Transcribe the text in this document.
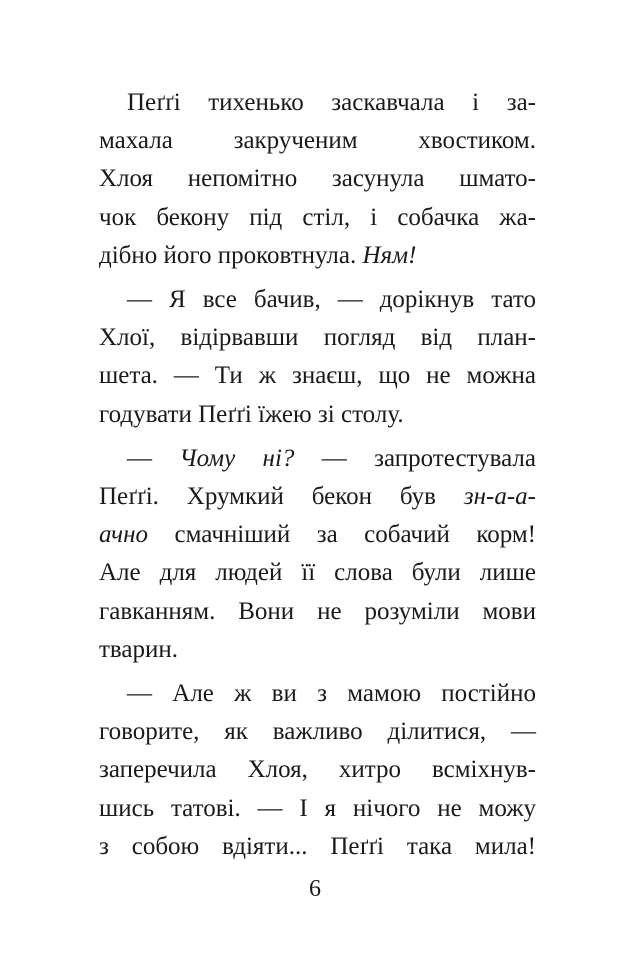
Пеґґі тихенько заскавчала і за-
махала закрученим хвостиком.
Хлоя непомітно засунула шмато-
чок бекону під стіл, і собачка жа-
дібно його проковтнула. Ням!
— Я все бачив, — дорікнув тато
Хлої, відірвавши погляд від план-
шета. — Ти ж знаєш, що не можна
годувати Пеґґі їжею зі столу.
— Чому ні? — запротестувала
Пеґґі. Хрумкий бекон був зн-а-а-
ачно смачніший за собачий корм!
Але для людей її слова були лише
гавканням. Вони не розуміли мови
тварин.
— Але ж ви з мамою постійно
говорите, як важливо ділитися, —
заперечила Хлоя, хитро всміхнув-
шись татові. — І я нічого не можу
з собою вдіяти... Пеґґі така мила!
6
